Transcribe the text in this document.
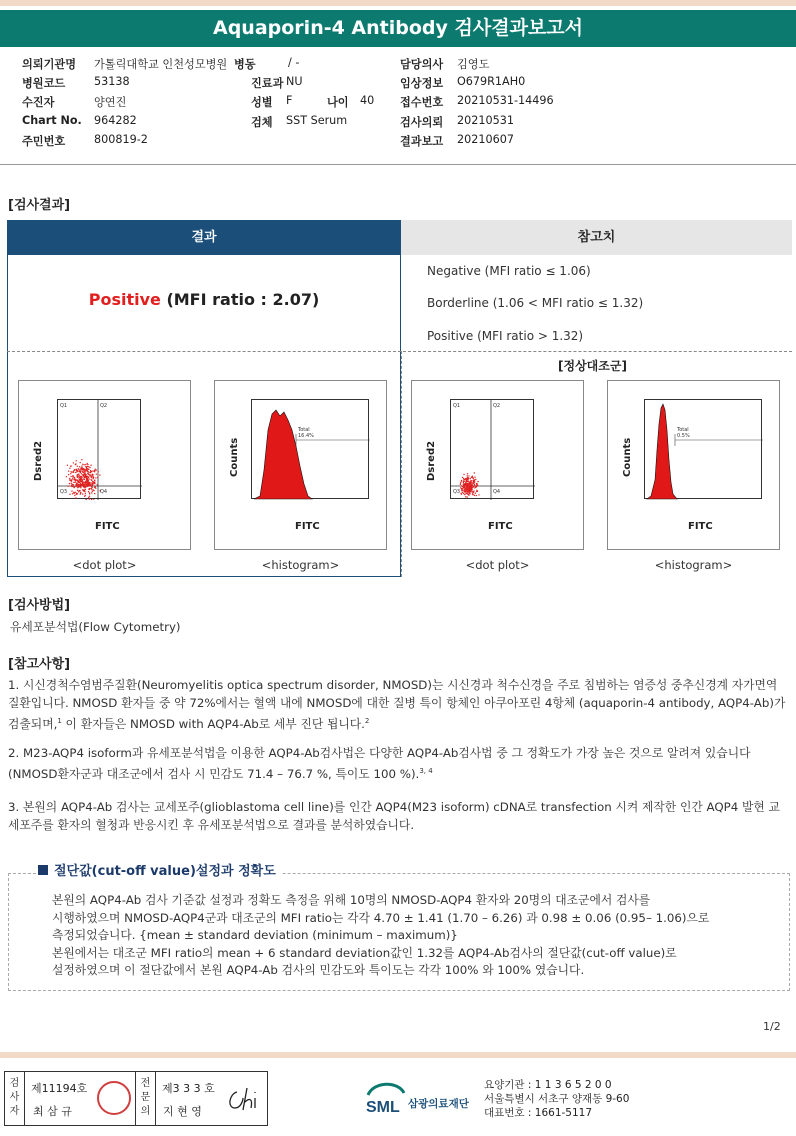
Aquaporin-4 Antibody 검사결과보고서
의뢰기관명 가톨릭대학교 인천성모병원 병동	/ -	담당의사 김영도
병원코드	53138	진료과 NU	임상정보 O679R1AH0
수진자	양연진	성별 F	나이 40 접수번호 20210531-14496
Chart No. 964282	검체 SST Serum	검사의뢰 20210531
주민번호	800819-2	결과보고 20210607
[검사결과]
결과	참고치
Positive (MFI ratio : 2.07)
Negative (MFI ratio ≤ 1.06)
Borderline (1.06 < MFI ratio ≤ 1.32)
Positive (MFI ratio > 1.32)
[정상대조군]
Q1	Q2
Q3	Q4
Dsred2
FITC
Total
16.4%
Counts
FITC
Q1	Q2
Q3	Q4
Dsred2
FITC
Total
0.5%
Counts
FITC
<dot plot>	<histogram>	<dot plot>	<histogram>
[검사방법]
유세포분석법(Flow Cytometry)
[참고사항]
1. 시신경척수염범주질환(Neuromyelitis optica spectrum disorder, NMOSD)는 시신경과 척수신경을 주로 침범하는 염증성 중추신경계 자가면역 질환입니다. NMOSD 환자들 중 약 72%에서는 혈액 내에 NMOSD에 대한 질병 특이 항체인 아쿠아포린 4항체 (aquaporin-4 antibody, AQP4-Ab)가 검출되며,$^1$ 이 환자들은 NMOSD with AQP4-Ab로 세부 진단 됩니다.$^2$
2. M23-AQP4 isoform과 유세포분석법을 이용한 AQP4-Ab검사법은 다양한 AQP4-Ab검사법 중 그 정확도가 가장 높은 것으로 알려져 있습니다(NMOSD환자군과 대조군에서 검사 시 민감도 71.4 – 76.7 %, 특이도 100 %).$^{3, 4}$
3. 본원의 AQP4-Ab 검사는 교세포주(glioblastoma cell line)를 인간 AQP4(M23 isoform) cDNA로 transfection 시켜 제작한 인간 AQP4 발현 교세포주를 환자의 혈청과 반응시킨 후 유세포분석법으로 결과를 분석하였습니다.
절단값(cut-off value)설정과 정확도
본원의 AQP4-Ab 검사 기준값 설정과 정확도 측정을 위해 10명의 NMOSD-AQP4 환자와 20명의 대조군에서 검사를
시행하였으며 NMOSD-AQP4군과 대조군의 MFI ratio는 각각 4.70 ± 1.41 (1.70 – 6.26) 과 0.98 ± 0.06 (0.95– 1.06)으로
측정되었습니다. {mean ± standard deviation (minimum – maximum)}
본원에서는 대조군 MFI ratio의 mean + 6 standard deviation값인 1.32를 AQP4-Ab검사의 절단값(cut-off value)로
설정하였으며 이 절단값에서 본원 AQP4-Ab 검사의 민감도와 특이도는 각각 100% 와 100% 였습니다.
1/2
검사자
제11194호
최 삼 규
전문의
제3 3 3 호
지 현 영	SML 삼광의료재단
요양기관 : 1 1 3 6 5 2 0 0
서울특별시 서초구 양재동 9-60
대표번호 : 1661-5117
